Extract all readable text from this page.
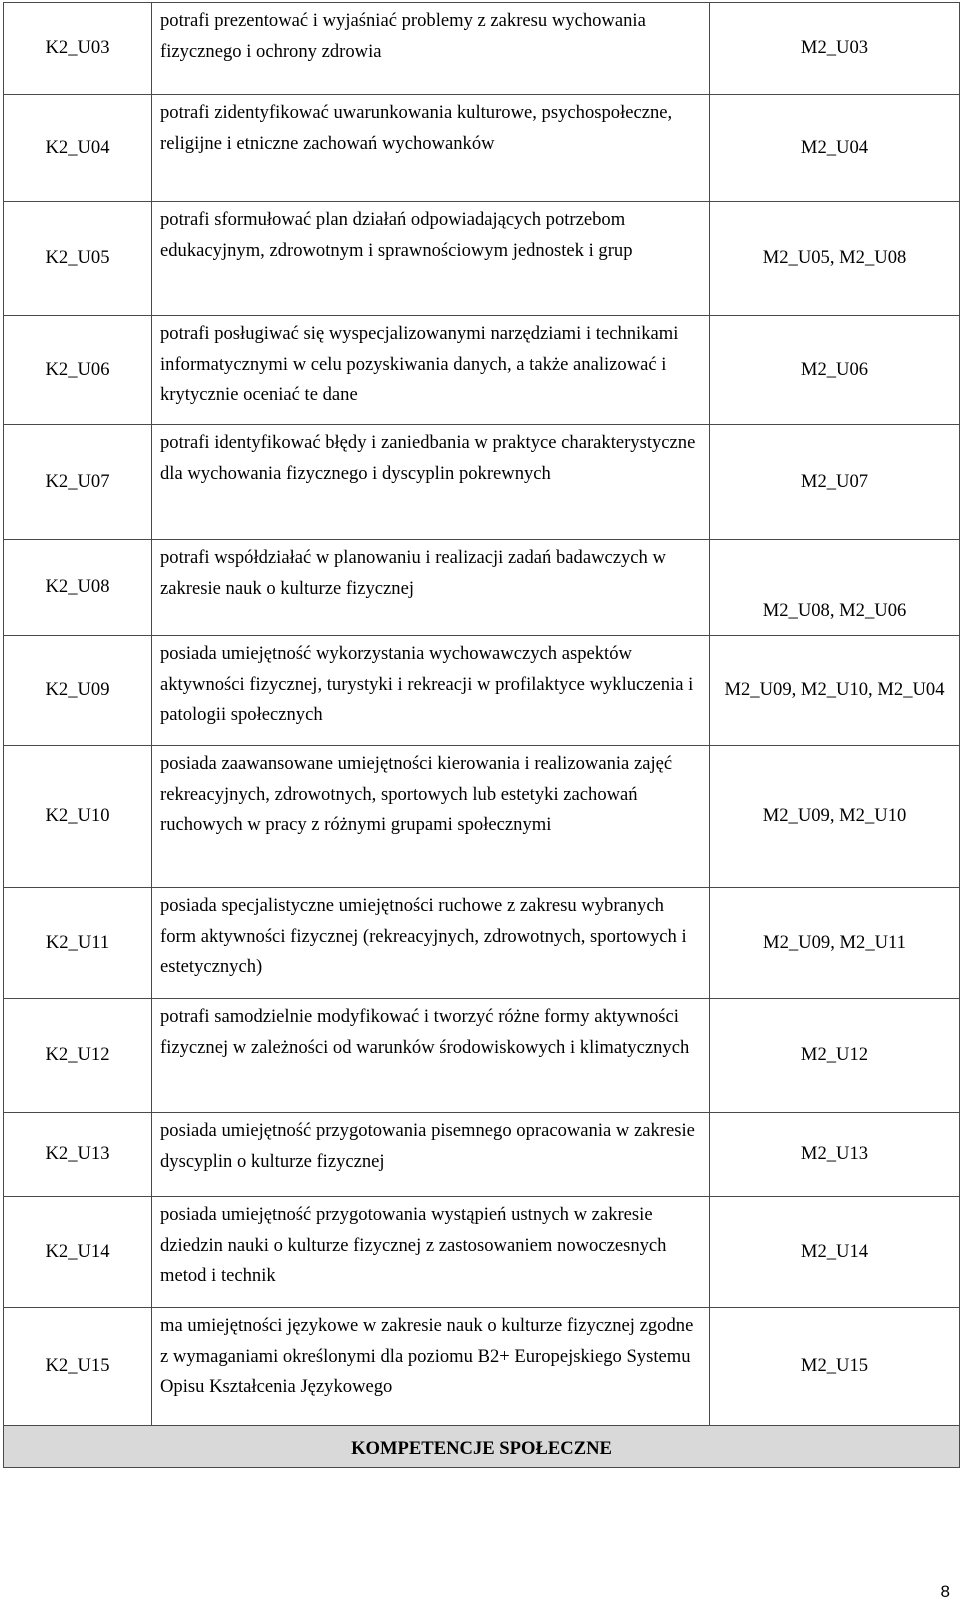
K2_U03	potrafi prezentować i wyjaśniać problemy z zakresu wychowania fizycznego i ochrony zdrowia	M2_U03
K2_U04	potrafi zidentyfikować uwarunkowania kulturowe, psychospołeczne, religijne i etniczne zachowań wychowanków	M2_U04
K2_U05	potrafi sformułować plan działań odpowiadających potrzebom edukacyjnym, zdrowotnym i sprawnościowym jednostek i grup	M2_U05, M2_U08
K2_U06	potrafi posługiwać się wyspecjalizowanymi narzędziami i technikami informatycznymi w celu pozyskiwania danych, a także analizować i krytycznie oceniać te dane	M2_U06
K2_U07	potrafi identyfikować błędy i zaniedbania w praktyce charakterystyczne dla wychowania fizycznego i dyscyplin pokrewnych	M2_U07
K2_U08	potrafi współdziałać w planowaniu i realizacji zadań badawczych w zakresie nauk o kulturze fizycznej	M2_U08, M2_U06
K2_U09	posiada umiejętność wykorzystania wychowawczych aspektów aktywności fizycznej, turystyki i rekreacji w profilaktyce wykluczenia i patologii społecznych	M2_U09, M2_U10, M2_U04
K2_U10	posiada zaawansowane umiejętności kierowania i realizowania zajęć rekreacyjnych, zdrowotnych, sportowych lub estetyki zachowań ruchowych w pracy z różnymi grupami społecznymi	M2_U09, M2_U10
K2_U11	posiada specjalistyczne umiejętności ruchowe z zakresu wybranych form aktywności fizycznej (rekreacyjnych, zdrowotnych, sportowych i estetycznych)	M2_U09, M2_U11
K2_U12	potrafi samodzielnie modyfikować i tworzyć różne formy aktywności fizycznej w zależności od warunków środowiskowych i klimatycznych	M2_U12
K2_U13	posiada umiejętność przygotowania pisemnego opracowania w zakresie dyscyplin o kulturze fizycznej	M2_U13
K2_U14	posiada umiejętność przygotowania wystąpień ustnych w zakresie dziedzin nauki o kulturze fizycznej z zastosowaniem nowoczesnych metod i technik	M2_U14
K2_U15	ma umiejętności językowe w zakresie nauk o kulturze fizycznej zgodne z wymaganiami określonymi dla poziomu B2+ Europejskiego Systemu Opisu Kształcenia Językowego	M2_U15
KOMPETENCJE SPOŁECZNE		
8
